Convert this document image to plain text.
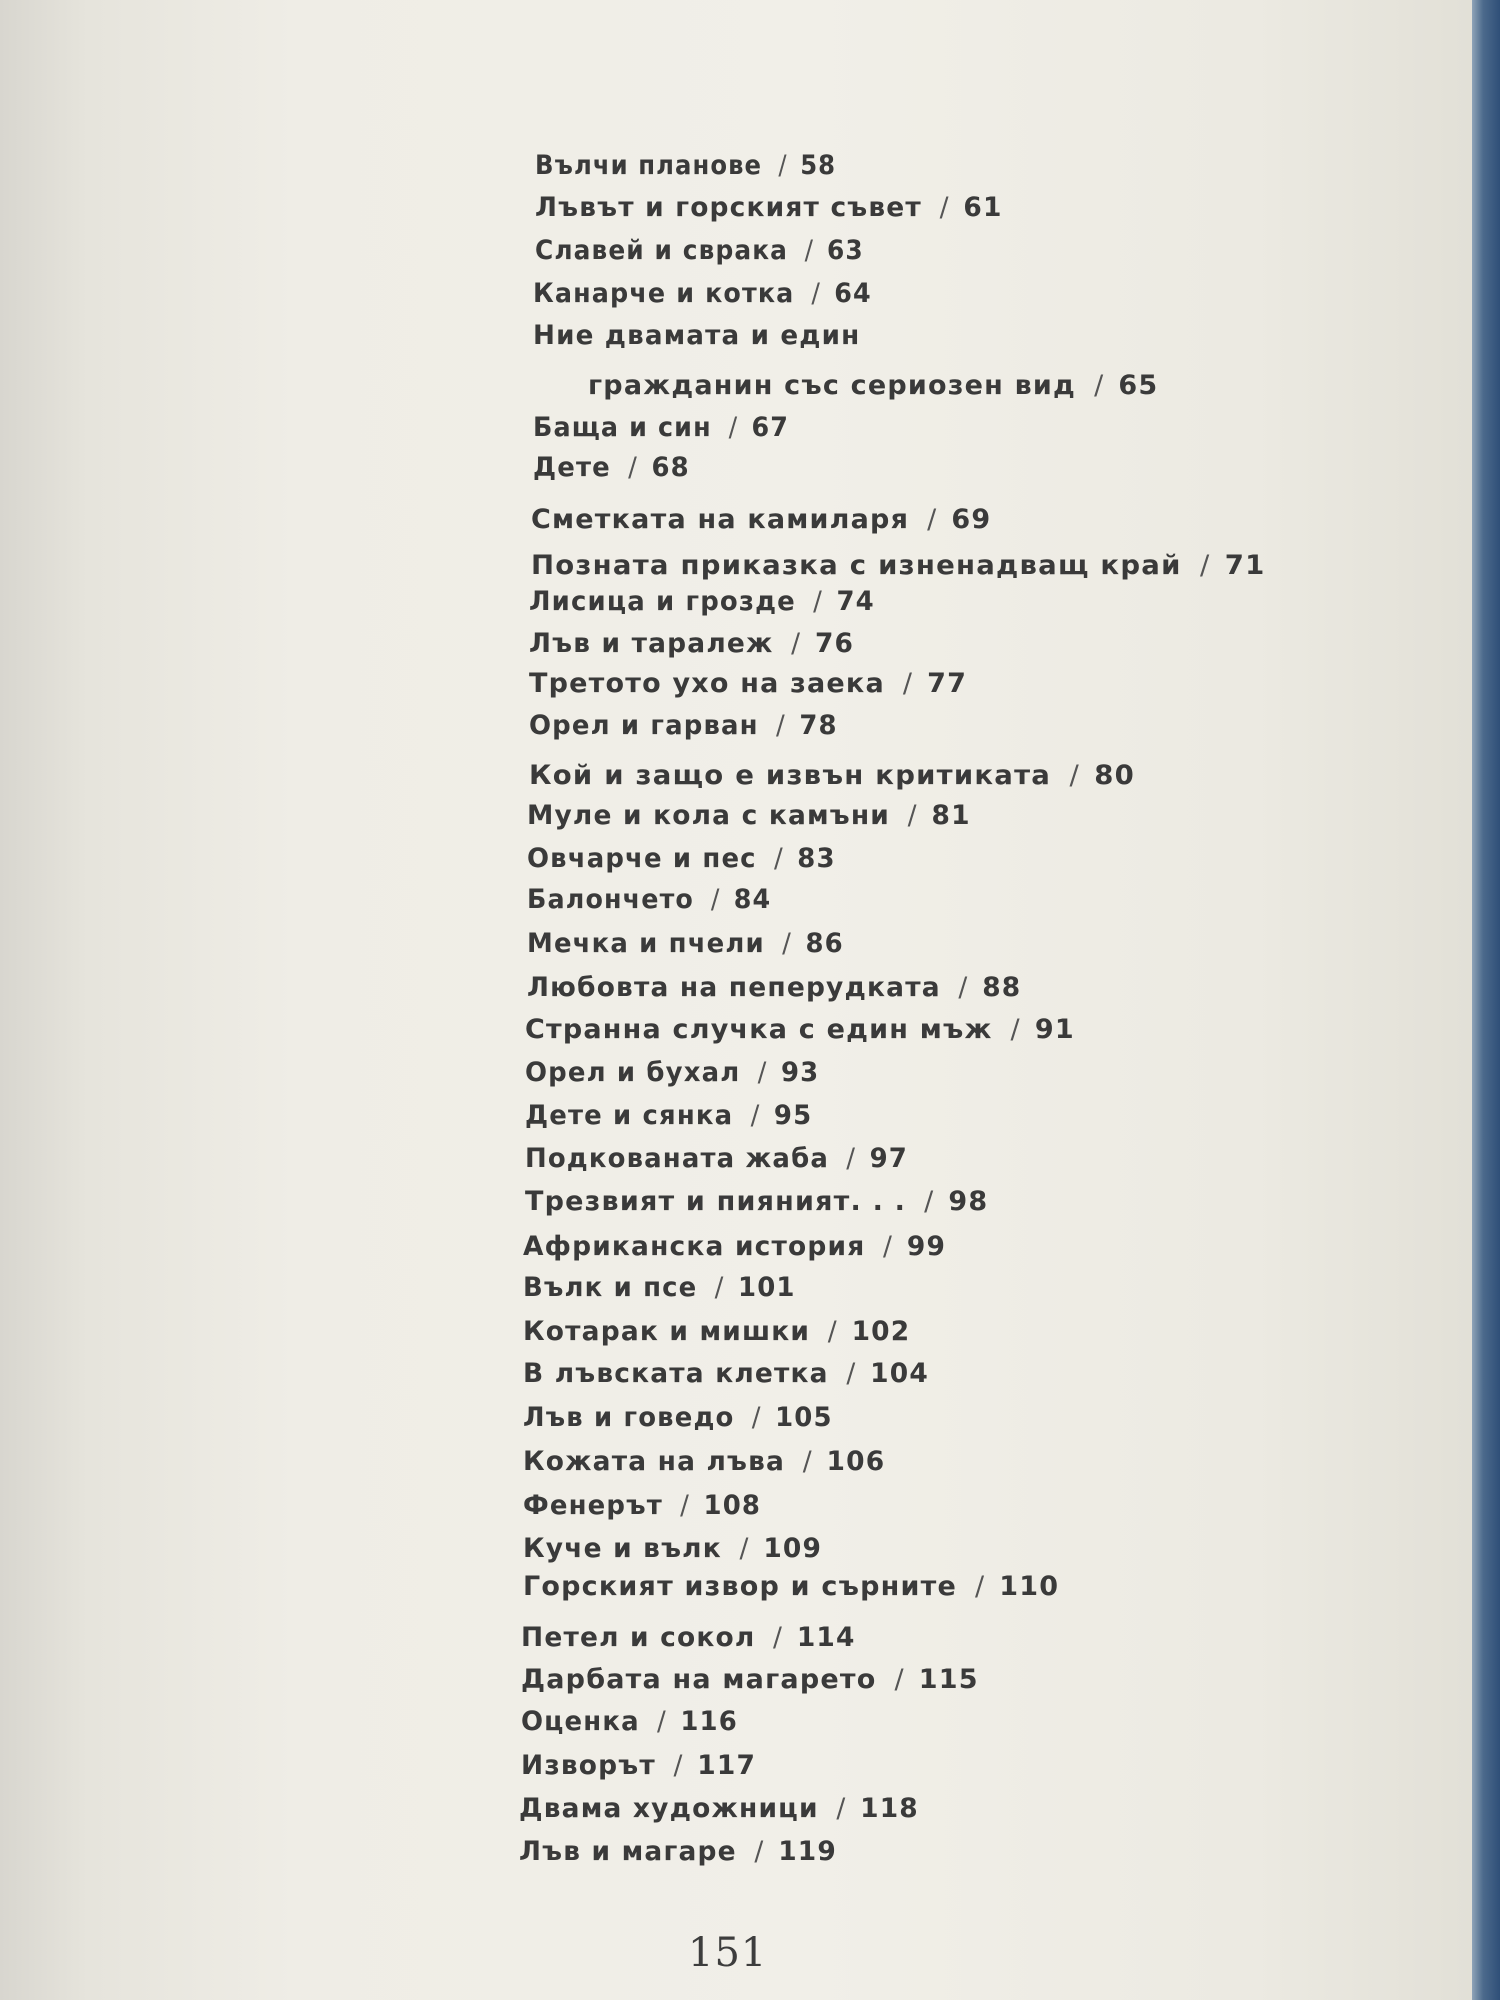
Вълчи планове / 58
Лъвът и горският съвет / 61
Славей и сврака / 63
Канарче и котка / 64
Ние двамата и един
гражданин със сериозен вид / 65
Баща и син / 67
Дете / 68
Сметката на камиларя / 69
Позната приказка с изненадващ край / 71
Лисица и грозде / 74
Лъв и таралеж / 76
Третото ухо на заека / 77
Орел и гарван / 78
Кой и защо е извън критиката / 80
Муле и кола с камъни / 81
Овчарче и пес / 83
Балончето / 84
Мечка и пчели / 86
Любовта на пеперудката / 88
Странна случка с един мъж / 91
Орел и бухал / 93
Дете и сянка / 95
Подкованата жаба / 97
Трезвият и пияният. . . / 98
Африканска история / 99
Вълк и псе / 101
Котарак и мишки / 102
В лъвската клетка / 104
Лъв и говедо / 105
Кожата на лъва / 106
Фенерът / 108
Куче и вълк / 109
Горският извор и сърните / 110
Петел и сокол / 114
Дарбата на магарето / 115
Оценка / 116
Изворът / 117
Двама художници / 118
Лъв и магаре / 119
151
